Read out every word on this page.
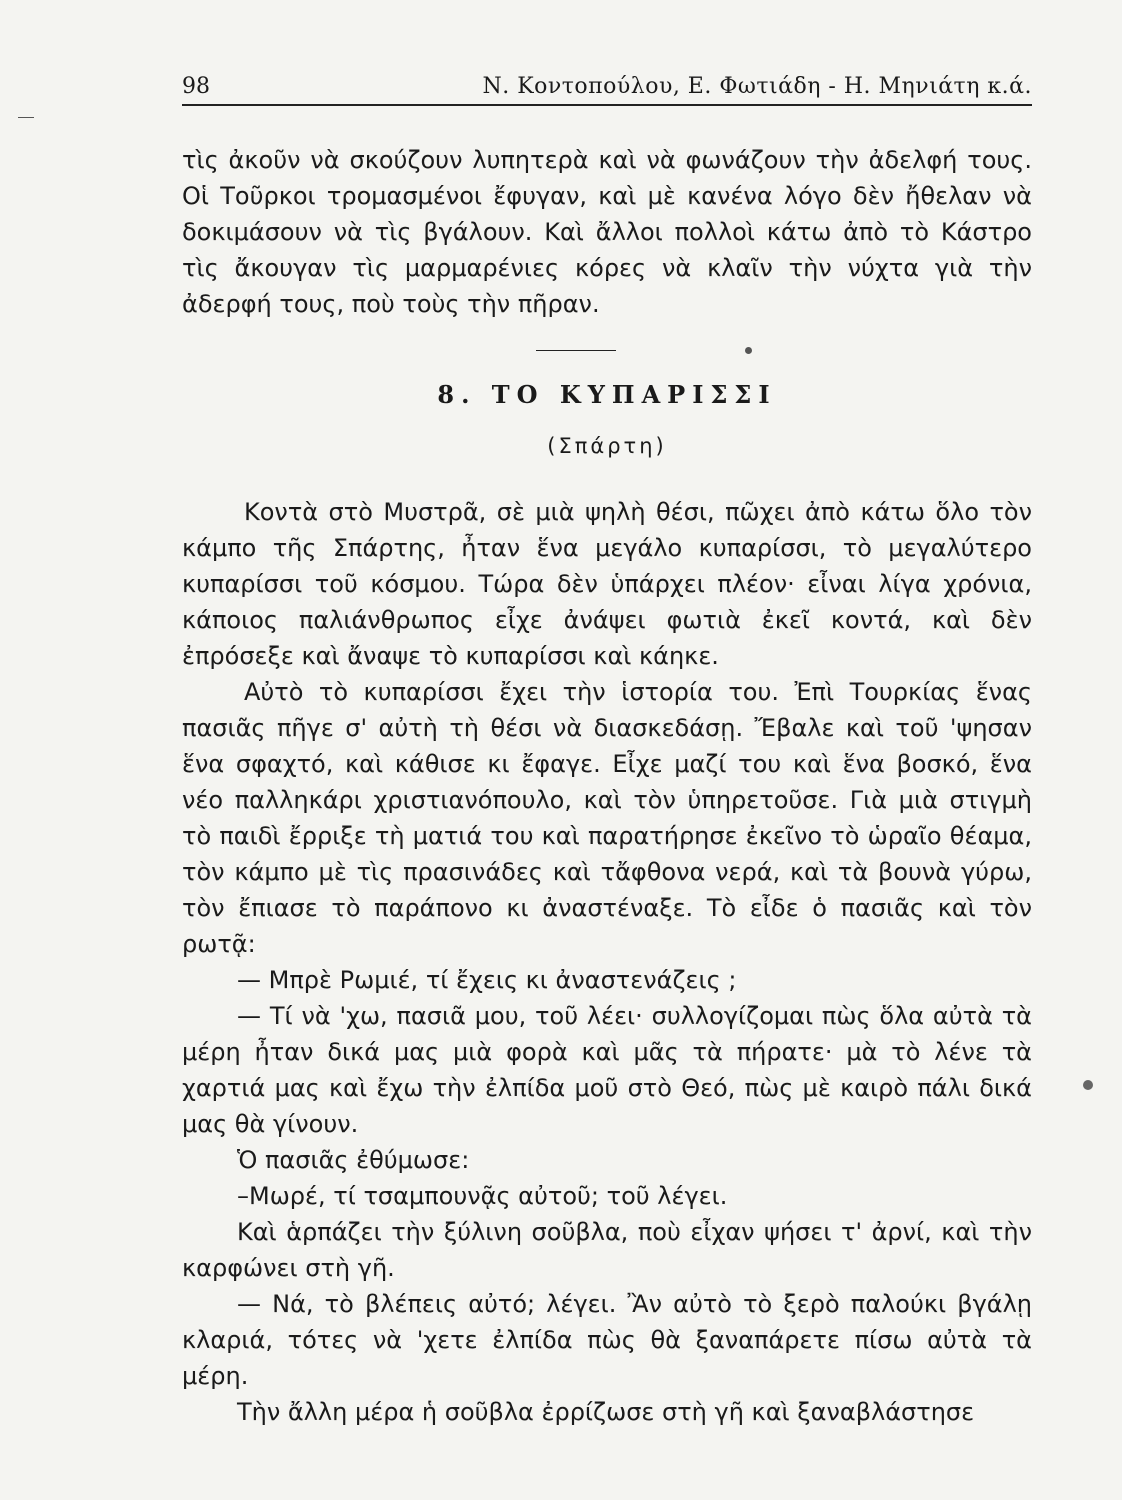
98	Ν. Κοντοπούλου, Ε. Φωτιάδη - Η. Μηνιάτη κ.ά.

τὶς ἀκοῦν νὰ σκούζουν λυπητερὰ καὶ νὰ φωνάζουν τὴν ἀδελφή τους. Οἱ Τοῦρκοι τρομασμένοι ἔφυγαν, καὶ μὲ κανένα λόγο δὲν ἤθελαν νὰ δοκιμάσουν νὰ τὶς βγάλουν. Καὶ ἄλλοι πολλοὶ κάτω ἀπὸ τὸ Κάστρο τὶς ἄκουγαν τὶς μαρμαρένιες κόρες νὰ κλαῖν τὴν νύχτα γιὰ τὴν ἀδερφή τους, ποὺ τοὺς τὴν πῆραν.

8. ΤΟ ΚΥΠΑΡΙΣΣΙ
(Σπάρτη)

Κοντὰ στὸ Μυστρᾶ, σὲ μιὰ ψηλὴ θέσι, πῶχει ἀπὸ κάτω ὅλο τὸν κάμπο τῆς Σπάρτης, ἦταν ἕνα μεγάλο κυπαρίσσι, τὸ μεγαλύτερο κυπαρίσσι τοῦ κόσμου. Τώρα δὲν ὑπάρχει πλέον· εἶναι λίγα χρόνια, κάποιος παλιάνθρωπος εἶχε ἀνάψει φωτιὰ ἐκεῖ κοντά, καὶ δὲν ἐπρόσεξε καὶ ἄναψε τὸ κυπαρίσσι καὶ κάηκε.

Αὐτὸ τὸ κυπαρίσσι ἔχει τὴν ἱστορία του. Ἐπὶ Τουρκίας ἕνας πασιᾶς πῆγε σ' αὐτὴ τὴ θέσι νὰ διασκεδάσῃ. Ἔβαλε καὶ τοῦ 'ψησαν ἕνα σφαχτό, καὶ κάθισε κι ἔφαγε. Εἶχε μαζί του καὶ ἕνα βοσκό, ἕνα νέο παλληκάρι χριστιανόπουλο, καὶ τὸν ὑπηρετοῦσε. Γιὰ μιὰ στιγμὴ τὸ παιδὶ ἔρριξε τὴ ματιά του καὶ παρατήρησε ἐκεῖνο τὸ ὡραῖο θέαμα, τὸν κάμπο μὲ τὶς πρασινάδες καὶ τἄφθονα νερά, καὶ τὰ βουνὰ γύρω, τὸν ἔπιασε τὸ παράπονο κι ἀναστέναξε. Τὸ εἶδε ὁ πασιᾶς καὶ τὸν ρωτᾷ:

— Μπρὲ Ρωμιέ, τί ἔχεις κι ἀναστενάζεις ;

— Τί νὰ 'χω, πασιᾶ μου, τοῦ λέει· συλλογίζομαι πὼς ὅλα αὐτὰ τὰ μέρη ἦταν δικά μας μιὰ φορὰ καὶ μᾶς τὰ πήρατε· μὰ τὸ λένε τὰ χαρτιά μας καὶ ἔχω τὴν ἐλπίδα μοῦ στὸ Θεό, πὼς μὲ καιρὸ πάλι δικά μας θὰ γίνουν.

Ὁ πασιᾶς ἐθύμωσε:

–Μωρέ, τί τσαμπουνᾷς αὐτοῦ; τοῦ λέγει.

Καὶ ἁρπάζει τὴν ξύλινη σοῦβλα, ποὺ εἶχαν ψήσει τ' ἀρνί, καὶ τὴν καρφώνει στὴ γῆ.

— Νά, τὸ βλέπεις αὐτό; λέγει. Ἂν αὐτὸ τὸ ξερὸ παλούκι βγάλῃ κλαριά, τότες νὰ 'χετε ἐλπίδα πὼς θὰ ξαναπάρετε πίσω αὐτὰ τὰ μέρη.

Τὴν ἄλλη μέρα ἡ σοῦβλα ἐρρίζωσε στὴ γῆ καὶ ξαναβλάστησε
